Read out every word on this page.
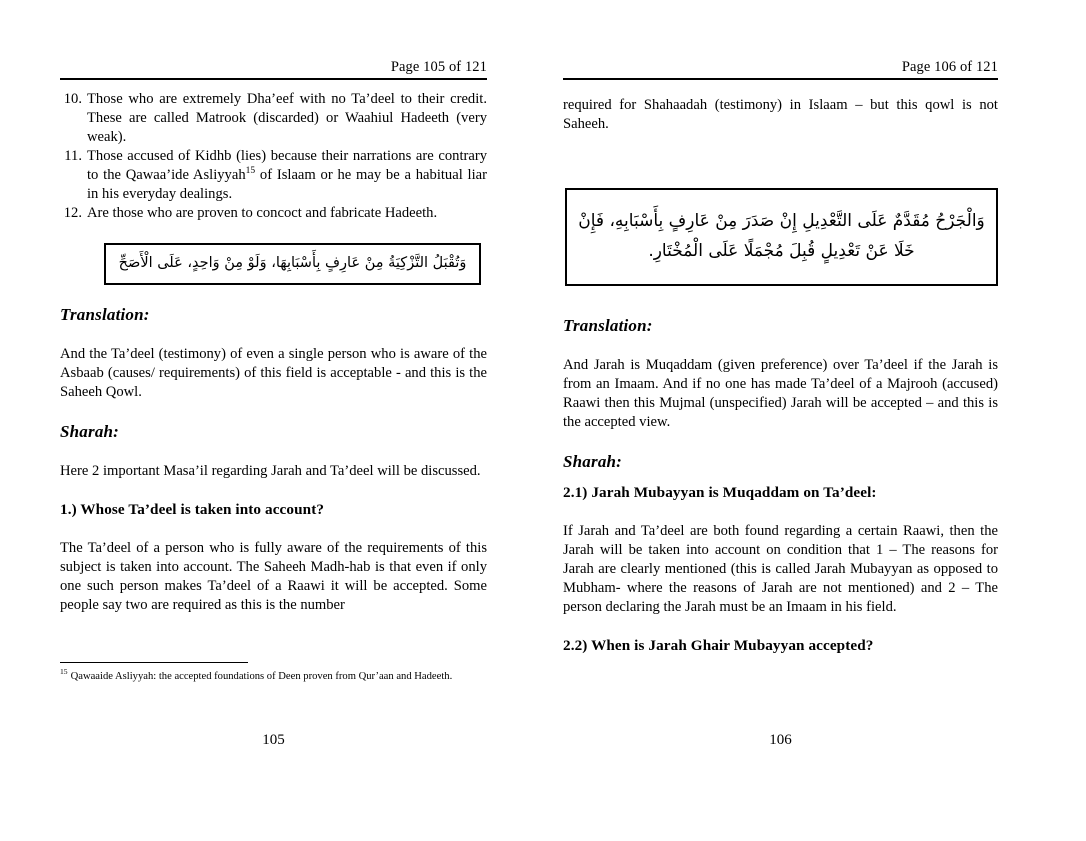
Page 105 of 121
10. Those who are extremely Dha’eef with no Ta’deel to their credit. These are called Matrook (discarded) or Waahiul Hadeeth (very weak).
11. Those accused of Kidhb (lies) because their narrations are contrary to the Qawaa’ide Asliyyah$^{15}$ of Islaam or he may be a habitual liar in his everyday dealings.
12. Are those who are proven to concoct and fabricate Hadeeth.
وَتُقْبَلُ التَّزْكِيَةُ مِنْ عَارِفٍ بِأَسْبَابِهَا، وَلَوْ مِنْ وَاحِدٍ، عَلَى الْأَصَحِّ
Translation:

And the Ta’deel (testimony) of even a single person who is aware of the Asbaab (causes/ requirements) of this field is acceptable - and this is the Saheeh Qowl.

Sharah:

Here 2 important Masa’il regarding Jarah and Ta’deel will be discussed.

1.) Whose Ta’deel is taken into account?

The Ta’deel of a person who is fully aware of the requirements of this subject is taken into account. The Saheeh Madh-hab is that even if only one such person makes Ta’deel of a Raawi it will be accepted. Some people say two are required as this is the number

$^{15}$ Qawaaide Asliyyah: the accepted foundations of Deen proven from Qur’aan and Hadeeth.

105
Page 106 of 121

required for Shahaadah (testimony) in Islaam – but this qowl is not Saheeh.

وَالْجَرْحُ مُقَدَّمٌ عَلَى التَّعْدِيلِ إِنْ صَدَرَ مِنْ عَارِفٍ بِأَسْبَابِهِ، فَإِنْ خَلَا عَنْ تَعْدِيلٍ قُبِلَ مُجْمَلًا عَلَى الْمُخْتَارِ.
Translation:

And Jarah is Muqaddam (given preference) over Ta’deel if the Jarah is from an Imaam. And if no one has made Ta’deel of a Majrooh (accused) Raawi then this Mujmal (unspecified) Jarah will be accepted – and this is the accepted view.

Sharah:
2.1) Jarah Mubayyan is Muqaddam on Ta’deel:

If Jarah and Ta’deel are both found regarding a certain Raawi, then the Jarah will be taken into account on condition that 1 – The reasons for Jarah are clearly mentioned (this is called Jarah Mubayyan as opposed to Mubham- where the reasons of Jarah are not mentioned) and 2 – The person declaring the Jarah must be an Imaam in his field.

2.2) When is Jarah Ghair Mubayyan accepted?
106
